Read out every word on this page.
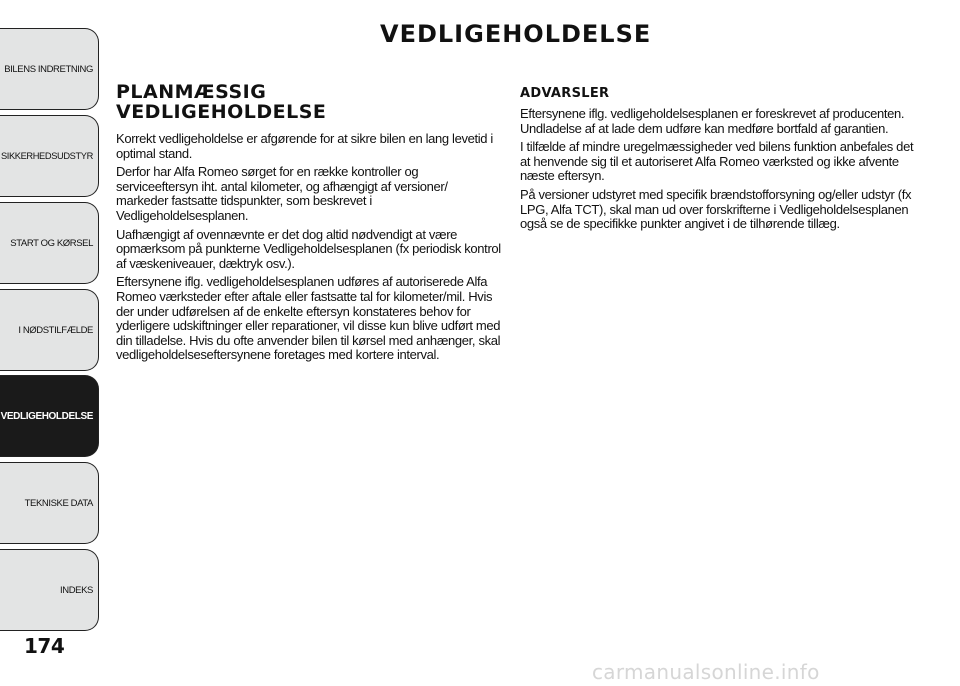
BILENS INDRETNING
SIKKERHEDSUDSTYR
START OG KØRSEL
I NØDSTILFÆLDE
VEDLIGEHOLDELSE
TEKNISKE DATA
INDEKS
174
VEDLIGEHOLDELSE
PLANMÆSSIG
VEDLIGEHOLDELSE

Korrekt vedligeholdelse er afgørende for at sikre bilen en lang levetid i optimal stand.

Derfor har Alfa Romeo sørget for en række kontroller og serviceeftersyn iht. antal kilometer, og afhængigt af versioner/ markeder fastsatte tidspunkter, som beskrevet i Vedligeholdelsesplanen.

Uafhængigt af ovennævnte er det dog altid nødvendigt at være opmærksom på punkterne Vedligeholdelsesplanen (fx periodisk kontrol af væskeniveauer, dæktryk osv.).

Eftersynene iflg. vedligeholdelsesplanen udføres af autoriserede Alfa Romeo værksteder efter aftale eller fastsatte tal for kilometer/mil. Hvis der under udførelsen af de enkelte eftersyn konstateres behov for yderligere udskiftninger eller reparationer, vil disse kun blive udført med din tilladelse. Hvis du ofte anvender bilen til kørsel med anhænger, skal vedligeholdelseseftersynene foretages med kortere interval.

ADVARSLER

Eftersynene iflg. vedligeholdelsesplanen er foreskrevet af producenten. Undladelse af at lade dem udføre kan medføre bortfald af garantien.

I tilfælde af mindre uregelmæssigheder ved bilens funktion anbefales det at henvende sig til et autoriseret Alfa Romeo værksted og ikke afvente næste eftersyn.

På versioner udstyret med specifik brændstofforsyning og/eller udstyr (fx LPG, Alfa TCT), skal man ud over forskrifterne i Vedligeholdelsesplanen også se de specifikke punkter angivet i de tilhørende tillæg.

carmanualsonline.info
